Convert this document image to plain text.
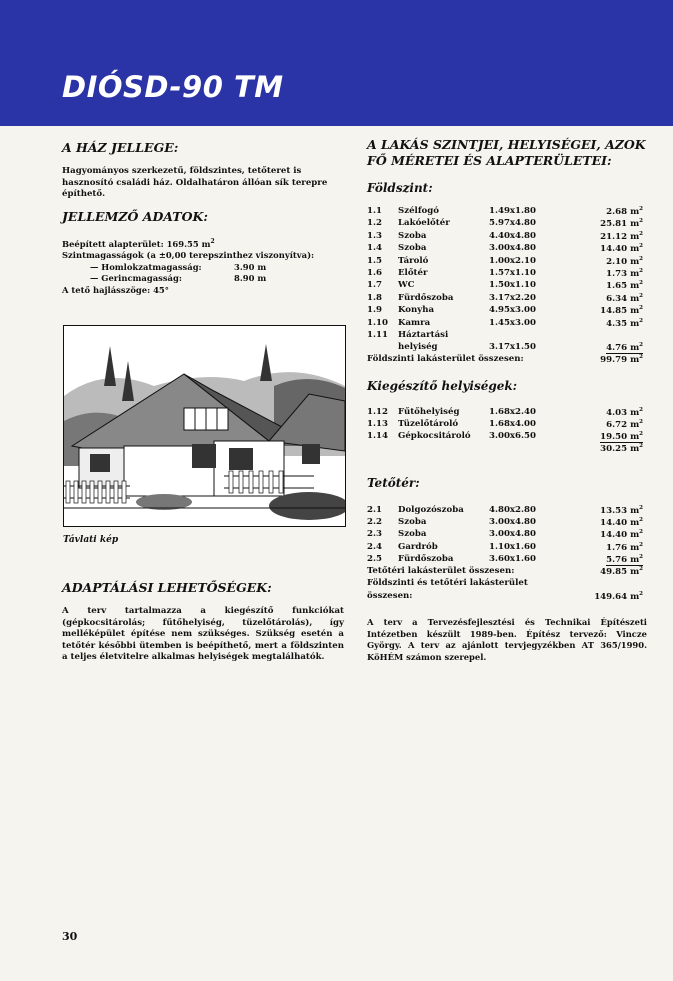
DIÓSD-90 TM
A HÁZ JELLEGE:

Hagyományos szerkezetű, földszintes, tetőteret is hasznosító családi ház. Oldalhatáron állóan sík terepre építhető.

JELLEMZŐ ADATOK:
Beépített alapterület: 169.55 $m^2$
Szintmagasságok (a ±0,00 terepszinthez viszonyítva):
— Homlokzatmagasság:	3.90 m
— Gerincmagasság:	8.90 m
A tető hajlásszöge: 45°

Távlati kép

ADAPTÁLÁSI LEHETŐSÉGEK:

A terv tartalmazza a kiegészítő funkciókat (gépkocsitárolás; fűtőhelyiség, tüzelőtárolás), így melléképület építése nem szükséges. Szükség esetén a tetőtér későbbi ütemben is beépíthető, mert a földszinten a teljes életvitelre alkalmas helyiségek megtalálhatók.

A LAKÁS SZINTJEI, HELYISÉGEI, AZOK
FŐ MÉRETEI ÉS ALAPTERÜLETEI:
Földszint:
1.1 Szélfogó	1.49x1.80	2.68 $m^2$
1.2 Lakóelőtér	5.97x4.80	25.81 $m^2$
1.3 Szoba	4.40x4.80	21.12 $m^2$
1.4 Szoba	3.00x4.80	14.40 $m^2$
1.5 Tároló	1.00x2.10	2.10 $m^2$
1.6 Előtér	1.57x1.10	1.73 $m^2$
1.7 WC	1.50x1.10	1.65 $m^2$
1.8 Fürdőszoba	3.17x2.20	6.34 $m^2$
1.9 Konyha	4.95x3.00	14.85 $m^2$
1.10 Kamra	1.45x3.00	4.35 $m^2$
1.11 Háztartási
helyiség	3.17x1.50	4.76 $m^2$
Földszinti lakásterület összesen:	99.79 $m^2$
Kiegészítő helyiségek:
1.12 Fűtőhelyiség	1.68x2.40	4.03 $m^2$
1.13 Tüzelőtároló	1.68x4.00	6.72 $m^2$
1.14 Gépkocsitároló 3.00x6.50	19.50 $m^2$
30.25 $m^2$
Tetőtér:
2.1 Dolgozószoba	4.80x2.80	13.53 $m^2$
2.2 Szoba	3.00x4.80	14.40 $m^2$
2.3 Szoba	3.00x4.80	14.40 $m^2$
2.4 Gardrób	1.10x1.60	1.76 $m^2$
2.5 Fürdőszoba	3.60x1.60	5.76 $m^2$
Tetőtéri lakásterület összesen:	49.85 $m^2$
Földszinti és tetőtéri lakásterület
összesen:	149.64 $m^2$

A terv a Tervezésfejlesztési és Technikai Építészeti Intézetben készült 1989-ben. Építész tervező: Vincze György. A terv az ajánlott tervjegyzékben AT 365/1990. KöHÉM számon szerepel.

30
